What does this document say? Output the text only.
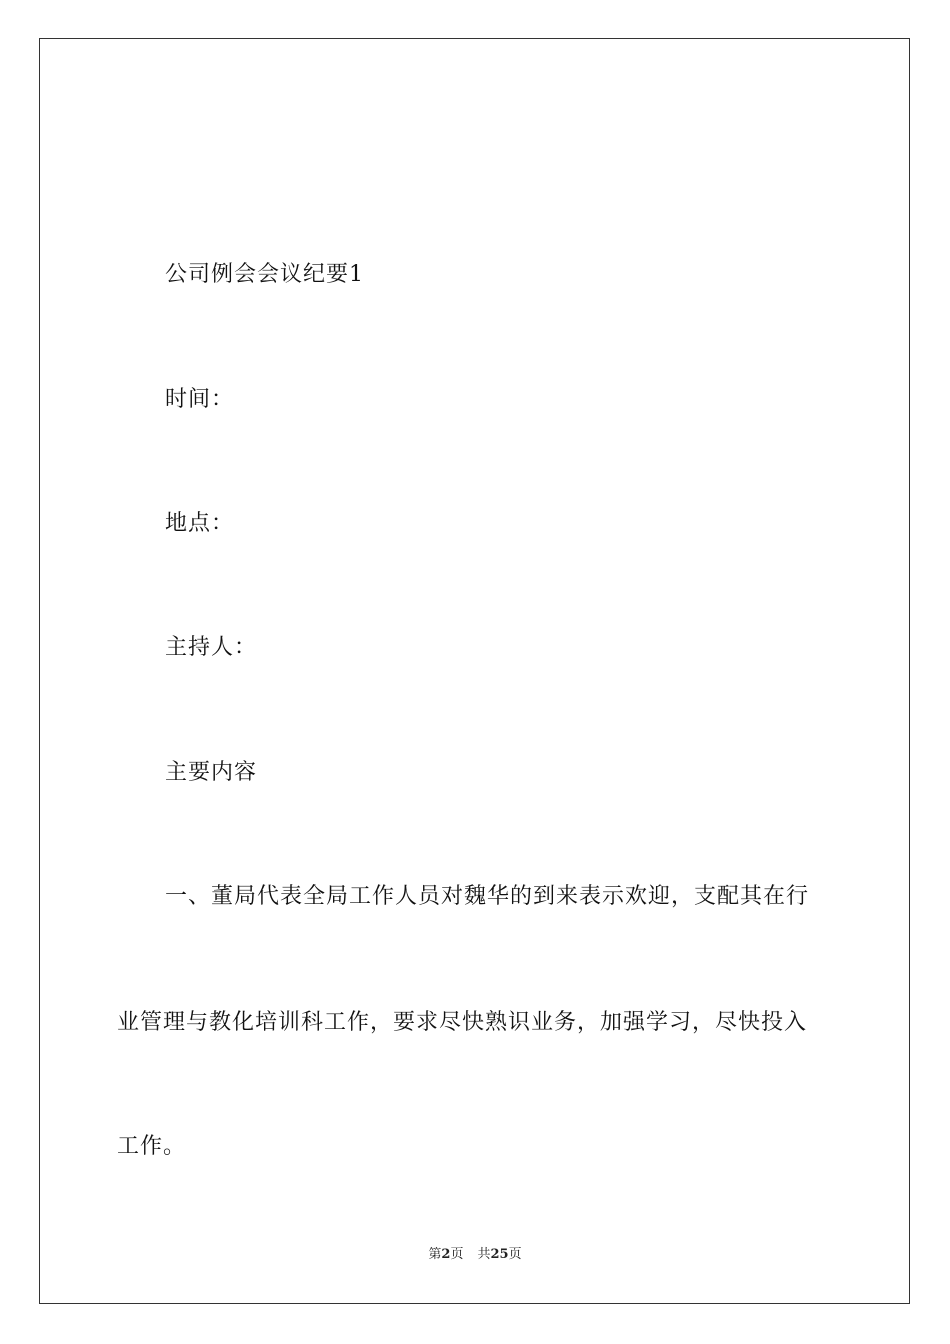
公司例会会议纪要1
时间：
地点：
主持人：
主要内容
一、董局代表全局工作人员对魏华的到来表示欢迎，支配其在行
业管理与教化培训科工作，要求尽快熟识业务，加强学习，尽快投入
工作。
第2页 共25页
